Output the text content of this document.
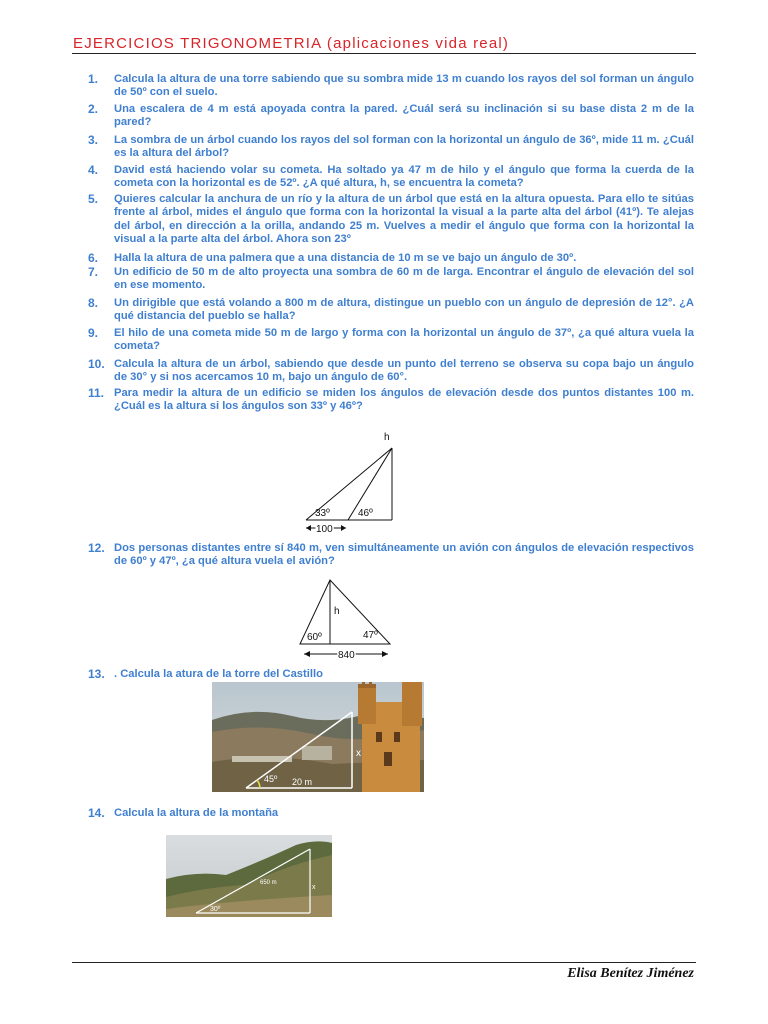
EJERCICIOS TRIGONOMETRIA (aplicaciones vida real)
1.	Calcula la altura de una torre sabiendo que su sombra mide 13 m cuando los rayos del sol forman un ángulo de 50º con el suelo.
2.	Una escalera de 4 m está apoyada contra la pared. ¿Cuál será su inclinación si su base dista 2 m de la pared?
3.	La sombra de un árbol cuando los rayos del sol forman con la horizontal un ángulo de 36º, mide 11 m. ¿Cuál es la altura del árbol?
4.	David está haciendo volar su cometa. Ha soltado ya 47 m de hilo y el ángulo que forma la cuerda de la cometa con la horizontal es de 52º. ¿A qué altura, h, se encuentra la cometa?
5.	Quieres calcular la anchura de un río y la altura de un árbol que está en la altura opuesta. Para ello te sitúas frente al árbol, mides el ángulo que forma con la horizontal la visual a la parte alta del árbol (41º). Te alejas del árbol, en dirección a la orilla, andando 25 m. Vuelves a medir el ángulo que forma con la horizontal la visual a la parte alta del árbol. Ahora son 23º
6.	Halla la altura de una palmera que a una distancia de 10 m se ve bajo un ángulo de 30º.
7.	Un edificio de 50 m de alto proyecta una sombra de 60 m de larga. Encontrar el ángulo de elevación del sol en ese momento.
8.	Un dirigible que está volando a 800 m de altura, distingue un pueblo con un ángulo de depresión de 12°. ¿A qué distancia del pueblo se halla?
9.	El hilo de una cometa mide 50 m de largo y forma con la horizontal un ángulo de 37º, ¿a qué altura vuela la cometa?
10. Calcula la altura de un árbol, sabiendo que desde un punto del terreno se observa su copa bajo un ángulo de 30° y si nos acercamos 10 m, bajo un ángulo de 60°.
11. Para medir la altura de un edificio se miden los ángulos de elevación desde dos puntos distantes 100 m. ¿Cuál es la altura si los ángulos son 33º y 46º?
h
33º	46º
100
12. Dos personas distantes entre sí 840 m, ven simultáneamente un avión con ángulos de elevación respectivos de 60º y 47º, ¿a qué altura vuela el avión?
h
60º	47º
840
13. . Calcula la atura de la torre del Castillo
x
45º 20 m
14. Calcula la altura de la montaña
650 m
x
30º
Elisa Benítez Jiménez
